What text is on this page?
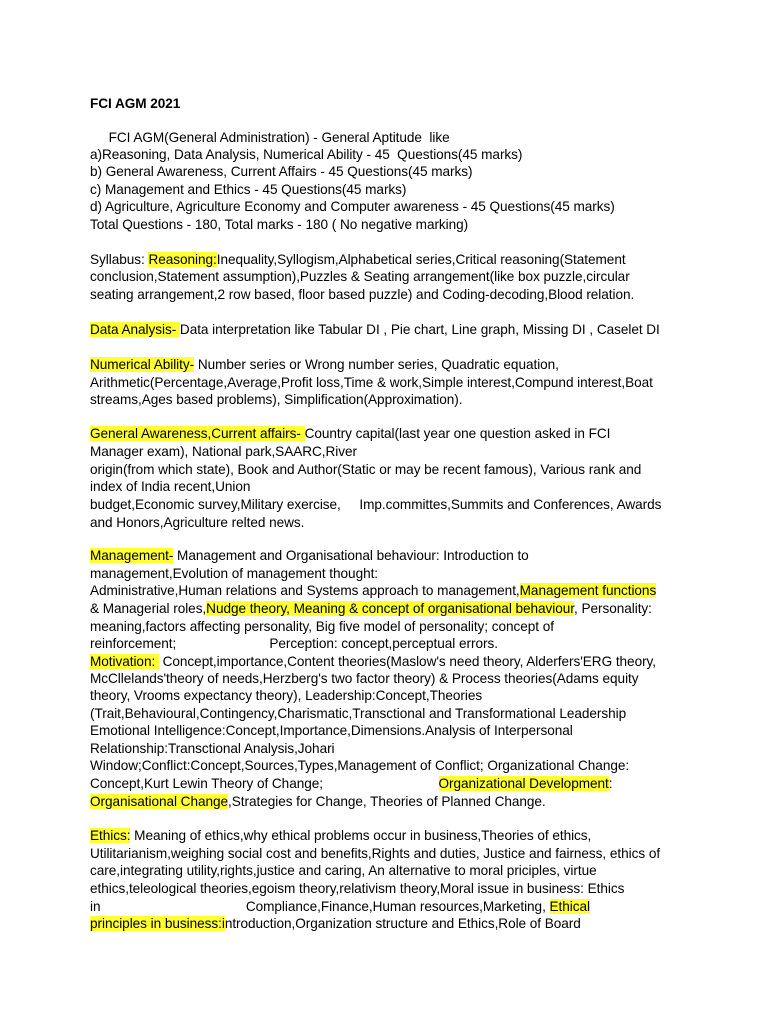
FCI AGM 2021
FCI AGM(General Administration) - General Aptitude  like
a)Reasoning, Data Analysis, Numerical Ability - 45  Questions(45 marks)
b) General Awareness, Current Affairs - 45 Questions(45 marks)
c) Management and Ethics - 45 Questions(45 marks)
d) Agriculture, Agriculture Economy and Computer awareness - 45 Questions(45 marks)
Total Questions - 180, Total marks - 180 ( No negative marking)
Syllabus: Reasoning:Inequality,Syllogism,Alphabetical series,Critical reasoning(Statement
conclusion,Statement assumption),Puzzles & Seating arrangement(like box puzzle,circular
seating arrangement,2 row based, floor based puzzle) and Coding-decoding,Blood relation.
Data Analysis- Data interpretation like Tabular DI , Pie chart, Line graph, Missing DI , Caselet DI
Numerical Ability- Number series or Wrong number series, Quadratic equation,
Arithmetic(Percentage,Average,Profit loss,Time & work,Simple interest,Compund interest,Boat
streams,Ages based problems), Simplification(Approximation).
General Awareness,Current affairs- Country capital(last year one question asked in FCI
Manager exam), National park,SAARC,River
origin(from which state), Book and Author(Static or may be recent famous), Various rank and
index of India recent,Union
budget,Economic survey,Military exercise,     Imp.committes,Summits and Conferences, Awards
and Honors,Agriculture relted news.
Management- Management and Organisational behaviour: Introduction to
management,Evolution of management thought:
Administrative,Human relations and Systems approach to management,Management functions
& Managerial roles,Nudge theory, Meaning & concept of organisational behaviour, Personality:
meaning,factors affecting personality, Big five model of personality; concept of
reinforcement;                         Perception: concept,perceptual errors.
Motivation:  Concept,importance,Content theories(Maslow's need theory, Alderfers'ERG theory,
McCllelands'theory of needs,Herzberg's two factor theory) & Process theories(Adams equity
theory, Vrooms expectancy theory), Leadership:Concept,Theories
(Trait,Behavioural,Contingency,Charismatic,Transctional and Transformational Leadership
Emotional Intelligence:Concept,Importance,Dimensions.Analysis of Interpersonal
Relationship:Transctional Analysis,Johari
Window;Conflict:Concept,Sources,Types,Management of Conflict; Organizational Change:
Concept,Kurt Lewin Theory of Change;                               Organizational Development:
Organisational Change,Strategies for Change, Theories of Planned Change.
Ethics: Meaning of ethics,why ethical problems occur in business,Theories of ethics,
Utilitarianism,weighing social cost and benefits,Rights and duties, Justice and fairness, ethics of
care,integrating utility,rights,justice and caring, An alternative to moral priciples, virtue
ethics,teleological theories,egoism theory,relativism theory,Moral issue in business: Ethics
in                                       Compliance,Finance,Human resources,Marketing, Ethical
principles in business:introduction,Organization structure and Ethics,Role of Board
